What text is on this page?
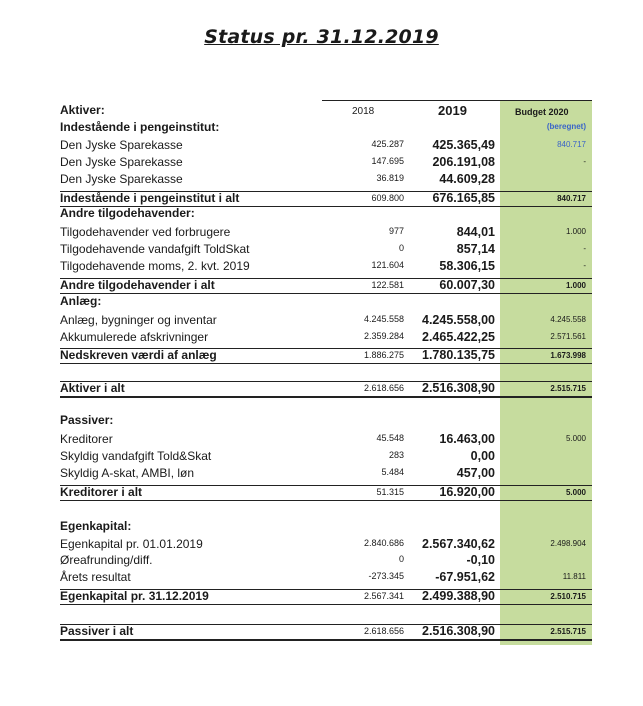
Status pr. 31.12.2019
2018	2019	Budget 2020
Aktiver:
Indestående i pengeinstitut:	(beregnet)
Den Jyske Sparekasse	425.287 425.365,49	840.717
Den Jyske Sparekasse	147.695 206.191,08	-
Den Jyske Sparekasse	36.819	44.609,28
Indestående i pengeinstitut i alt	609.800 676.165,85	840.717
Andre tilgodehavender:
Tilgodehavender ved forbrugere	977	844,01	1.000
Tilgodehavende vandafgift ToldSkat	0	857,14	-
Tilgodehavende moms, 2. kvt. 2019	121.604	58.306,15	-
Andre tilgodehavender i alt	122.581	60.007,30	1.000
Anlæg:
Anlæg, bygninger og inventar	4.245.558 4.245.558,00	4.245.558
Akkumulerede afskrivninger	2.359.284 2.465.422,25	2.571.561
Nedskreven værdi af anlæg	1.886.275 1.780.135,75	1.673.998
Aktiver i alt	2.618.656 2.516.308,90	2.515.715
Passiver:
Kreditorer	45.548	16.463,00	5.000
Skyldig vandafgift Told&Skat	283	0,00
Skyldig A-skat, AMBI, løn	5.484	457,00
Kreditorer i alt	51.315	16.920,00	5.000
Egenkapital:
Egenkapital pr. 01.01.2019	2.840.686 2.567.340,62	2.498.904
Øreafrunding/diff.	0	-0,10
Årets resultat	-273.345 -67.951,62	11.811
Egenkapital pr. 31.12.2019	2.567.341 2.499.388,90	2.510.715
Passiver i alt	2.618.656 2.516.308,90	2.515.715
